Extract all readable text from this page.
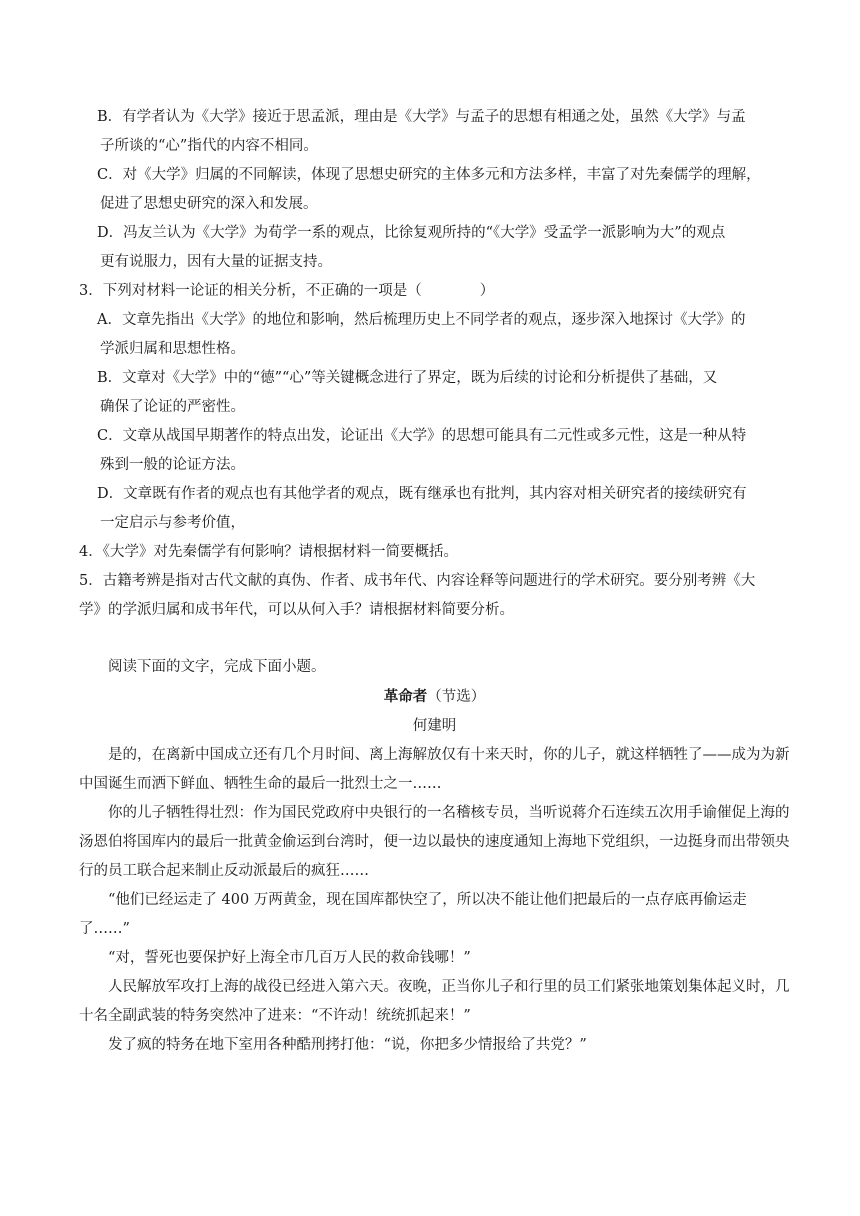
B．有学者认为《大学》接近于思孟派，理由是《大学》与孟子的思想有相通之处，虽然《大学》与孟
子所谈的“心”指代的内容不相同。

C．对《大学》归属的不同解读，体现了思想史研究的主体多元和方法多样，丰富了对先秦儒学的理解，
促进了思想史研究的深入和发展。

D．冯友兰认为《大学》为荀学一系的观点，比徐复观所持的“《大学》受孟学一派影响为大”的观点
更有说服力，因有大量的证据支持。

3．下列对材料一论证的相关分析，不正确的一项是（　　　　）

A．文章先指出《大学》的地位和影响，然后梳理历史上不同学者的观点，逐步深入地探讨《大学》的
学派归属和思想性格。

B．文章对《大学》中的“德”“心”等关键概念进行了界定，既为后续的讨论和分析提供了基础，又
确保了论证的严密性。

C．文章从战国早期著作的特点出发，论证出《大学》的思想可能具有二元性或多元性，这是一种从特
殊到一般的论证方法。

D．文章既有作者的观点也有其他学者的观点，既有继承也有批判，其内容对相关研究者的接续研究有
一定启示与参考价值，

4．《大学》对先秦儒学有何影响？请根据材料一简要概括。

5．古籍考辨是指对古代文献的真伪、作者、成书年代、内容诠释等问题进行的学术研究。要分别考辨《大
学》的学派归属和成书年代，可以从何入手？请根据材料简要分析。

阅读下面的文字，完成下面小题。

革命者（节选）

何建明

是的，在离新中国成立还有几个月时间、离上海解放仅有十来天时，你的儿子，就这样牺牲了——成为为新中国诞生而洒下鲜血、牺牲生命的最后一批烈士之一……

你的儿子牺牲得壮烈：作为国民党政府中央银行的一名稽核专员，当听说蒋介石连续五次用手谕催促上海的汤恩伯将国库内的最后一批黄金偷运到台湾时，便一边以最快的速度通知上海地下党组织，一边挺身而出带领央行的员工联合起来制止反动派最后的疯狂……

“他们已经运走了 400 万两黄金，现在国库都快空了，所以决不能让他们把最后的一点存底再偷运走了……”

“对，誓死也要保护好上海全市几百万人民的救命钱哪！”

人民解放军攻打上海的战役已经进入第六天。夜晚，正当你儿子和行里的员工们紧张地策划集体起义时，几十名全副武装的特务突然冲了进来：“不许动！统统抓起来！”

发了疯的特务在地下室用各种酷刑拷打他：“说，你把多少情报给了共党？”
